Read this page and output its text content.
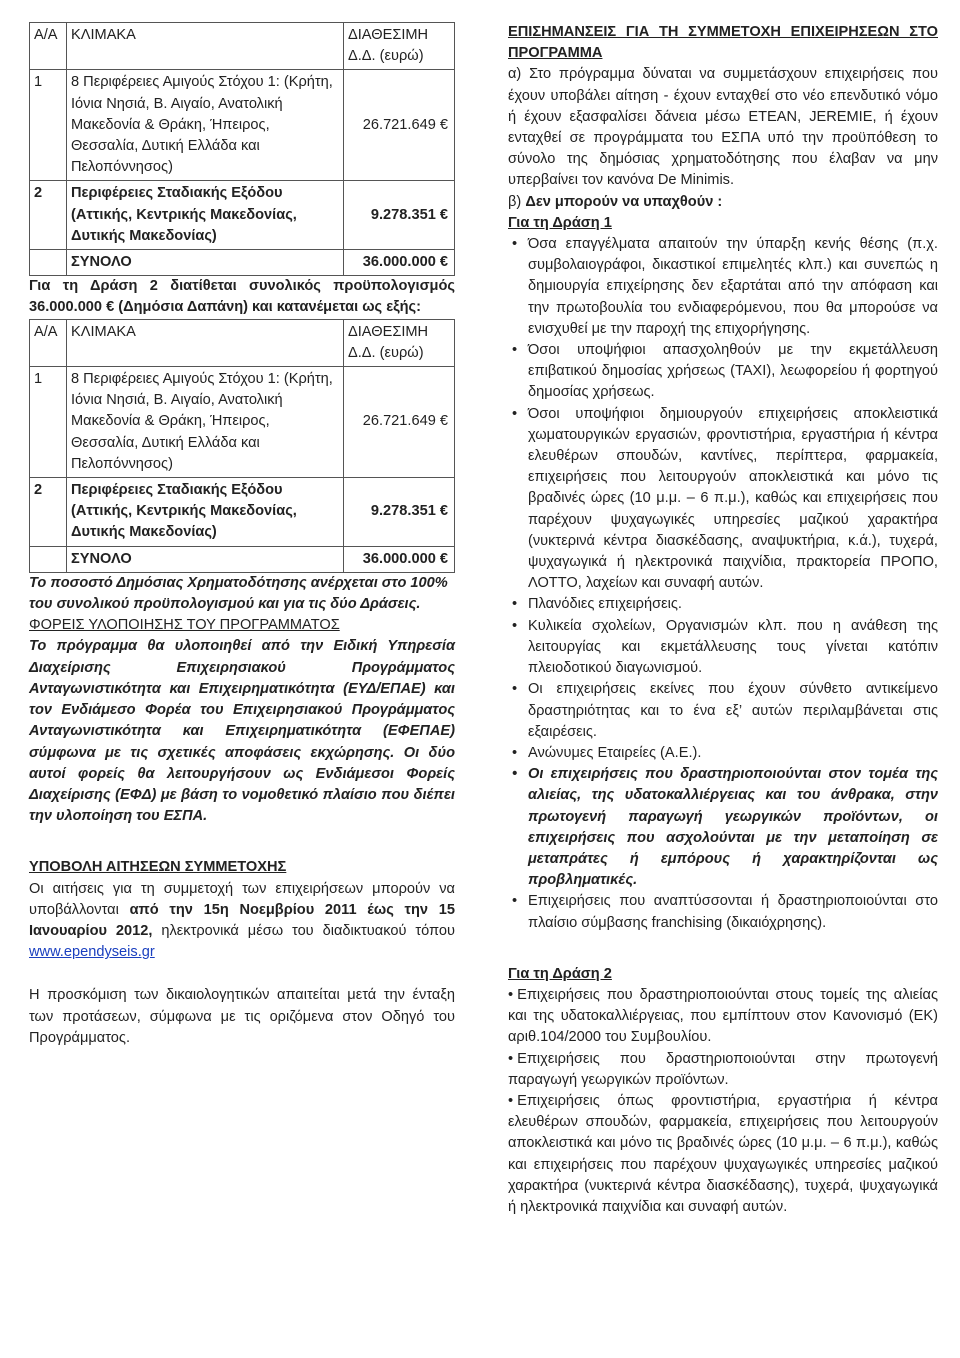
Α/Α	ΚΛΙΜΑΚΑ	ΔΙΑΘΕΣΙΜΗ Δ.Δ. (ευρώ)
1	8 Περιφέρειες Αμιγούς Στόχου 1: (Κρήτη, Ιόνια Νησιά, Β. Αιγαίο, Ανατολική Μακεδονία & Θράκη, Ήπειρος, Θεσσαλία, Δυτική Ελλάδα και Πελοπόννησος)	26.721.649 €
2	Περιφέρειες Σταδιακής Εξόδου (Αττικής, Κεντρικής Μακεδονίας, Δυτικής Μακεδονίας)	9.278.351 €
	ΣΥΝΟΛΟ	36.000.000 €

Για τη Δράση 2 διατίθεται συνολικός προϋπολογισμός 36.000.000 € (Δημόσια Δαπάνη) και κατανέμεται ως εξής:

Α/Α	ΚΛΙΜΑΚΑ	ΔΙΑΘΕΣΙΜΗ Δ.Δ. (ευρώ)
1	8 Περιφέρειες Αμιγούς Στόχου 1: (Κρήτη, Ιόνια Νησιά, Β. Αιγαίο, Ανατολική Μακεδονία & Θράκη, Ήπειρος, Θεσσαλία, Δυτική Ελλάδα και Πελοπόννησος)	26.721.649 €
2	Περιφέρειες Σταδιακής Εξόδου (Αττικής, Κεντρικής Μακεδονίας, Δυτικής Μακεδονίας)	9.278.351 €
	ΣΥΝΟΛΟ	36.000.000 €

Το ποσοστό Δημόσιας Χρηματοδότησης ανέρχεται στο 100% του συνολικού προϋπολογισμού και για τις δύο Δράσεις.

ΦΟΡΕΙΣ ΥΛΟΠΟΙΗΣΗΣ ΤΟΥ ΠΡΟΓΡΑΜΜΑΤΟΣ

Το πρόγραμμα θα υλοποιηθεί από την Ειδική Υπηρεσία Διαχείρισης Επιχειρησιακού Προγράμματος Ανταγωνιστικότητα και Επιχειρηματικότητα (ΕΥΔ/ΕΠΑΕ) και τον Ενδιάμεσο Φορέα του Επιχειρησιακού Προγράμματος Ανταγωνιστικότητα και Επιχειρηματικότητα (ΕΦΕΠΑΕ) σύμφωνα με τις σχετικές αποφάσεις εκχώρησης. Οι δύο αυτοί φορείς θα λειτουργήσουν ως Ενδιάμεσοι Φορείς Διαχείρισης (ΕΦΔ) με βάση το νομοθετικό πλαίσιο που διέπει την υλοποίηση του ΕΣΠΑ.

ΥΠΟΒΟΛΗ ΑΙΤΗΣΕΩΝ ΣΥΜΜΕΤΟΧΗΣ

Οι αιτήσεις για τη συμμετοχή των επιχειρήσεων μπορούν να υποβάλλονται από την 15η Νοεμβρίου 2011 έως την 15 Ιανουαρίου 2012, ηλεκτρονικά μέσω του διαδικτυακού τόπου www.ependyseis.gr

Η προσκόμιση των δικαιολογητικών απαιτείται μετά την ένταξη των προτάσεων, σύμφωνα με τις οριζόμενα στον Οδηγό του Προγράμματος.

ΕΠΙΣΗΜΑΝΣΕΙΣ ΓΙΑ ΤΗ ΣΥΜΜΕΤΟΧΗ ΕΠΙΧΕΙΡΗΣΕΩΝ ΣΤΟ ΠΡΟΓΡΑΜΜΑ

α) Στο πρόγραμμα δύναται να συμμετάσχουν επιχειρήσεις που έχουν υποβάλει αίτηση - έχουν ενταχθεί στο νέο επενδυτικό νόμο ή έχουν εξασφαλίσει δάνεια μέσω ΕΤΕΑΝ, JEREMIE, ή έχουν ενταχθεί σε προγράμματα του ΕΣΠΑ υπό την προϋπόθεση το σύνολο της δημόσιας χρηματοδότησης που έλαβαν να μην υπερβαίνει τον κανόνα De Minimis.

β) Δεν μπορούν να υπαχθούν :

Για τη Δράση 1
• Όσα επαγγέλματα απαιτούν την ύπαρξη κενής θέσης (π.χ. συμβολαιογράφοι, δικαστικοί επιμελητές κλπ.) και συνεπώς η δημιουργία επιχείρησης δεν εξαρτάται από την απόφαση και την πρωτοβουλία του ενδιαφερόμενου, που θα μπορούσε να ενισχυθεί με την παροχή της επιχορήγησης.
• Όσοι υποψήφιοι απασχοληθούν με την εκμετάλλευση επιβατικού δημοσίας χρήσεως (ΤΑΧΙ), λεωφορείου ή φορτηγού δημοσίας χρήσεως.
• Όσοι υποψήφιοι δημιουργούν επιχειρήσεις αποκλειστικά χωματουργικών εργασιών, φροντιστήρια, εργαστήρια ή κέντρα ελευθέρων σπουδών, καντίνες, περίπτερα, φαρμακεία, επιχειρήσεις που λειτουργούν αποκλειστικά και μόνο τις βραδινές ώρες (10 μ.μ. – 6 π.μ.), καθώς και επιχειρήσεις που παρέχουν ψυχαγωγικές υπηρεσίες μαζικού χαρακτήρα (νυκτερινά κέντρα διασκέδασης, αναψυκτήρια, κ.ά.), τυχερά, ψυχαγωγικά ή ηλεκτρονικά παιχνίδια, πρακτορεία ΠΡΟΠΟ, ΛΟΤΤΟ, λαχείων και συναφή αυτών.
• Πλανόδιες επιχειρήσεις.
• Κυλικεία σχολείων, Οργανισμών κλπ. που η ανάθεση της λειτουργίας και εκμετάλλευσης τους γίνεται κατόπιν πλειοδοτικού διαγωνισμού.
• Οι επιχειρήσεις εκείνες που έχουν σύνθετο αντικείμενο δραστηριότητας και το ένα εξ’ αυτών περιλαμβάνεται στις εξαιρέσεις.
• Ανώνυμες Εταιρείες (Α.Ε.).
• Οι επιχειρήσεις που δραστηριοποιούνται στον τομέα της αλιείας, της υδατοκαλλιέργειας και του άνθρακα, στην πρωτογενή παραγωγή γεωργικών προϊόντων, οι επιχειρήσεις που ασχολούνται με την μεταποίηση σε μεταπράτες ή εμπόρους ή χαρακτηρίζονται ως προβληματικές.
• Επιχειρήσεις που αναπτύσσονται ή δραστηριοποιούνται στο πλαίσιο σύμβασης franchising (δικαιόχρησης).
Για τη Δράση 2
• Επιχειρήσεις που δραστηριοποιούνται στους τομείς της αλιείας και της υδατοκαλλιέργειας, που εμπίπτουν στον Κανονισμό (ΕΚ) αριθ.104/2000 του Συμβουλίου.
• Επιχειρήσεις που δραστηριοποιούνται στην πρωτογενή παραγωγή γεωργικών προϊόντων.
• Επιχειρήσεις όπως φροντιστήρια, εργαστήρια ή κέντρα ελευθέρων σπουδών, φαρμακεία, επιχειρήσεις που λειτουργούν αποκλειστικά και μόνο τις βραδινές ώρες (10 μ.μ. – 6 π.μ.), καθώς και επιχειρήσεις που παρέχουν ψυχαγωγικές υπηρεσίες μαζικού χαρακτήρα (νυκτερινά κέντρα διασκέδασης), τυχερά, ψυχαγωγικά ή ηλεκτρονικά παιχνίδια και συναφή αυτών.
